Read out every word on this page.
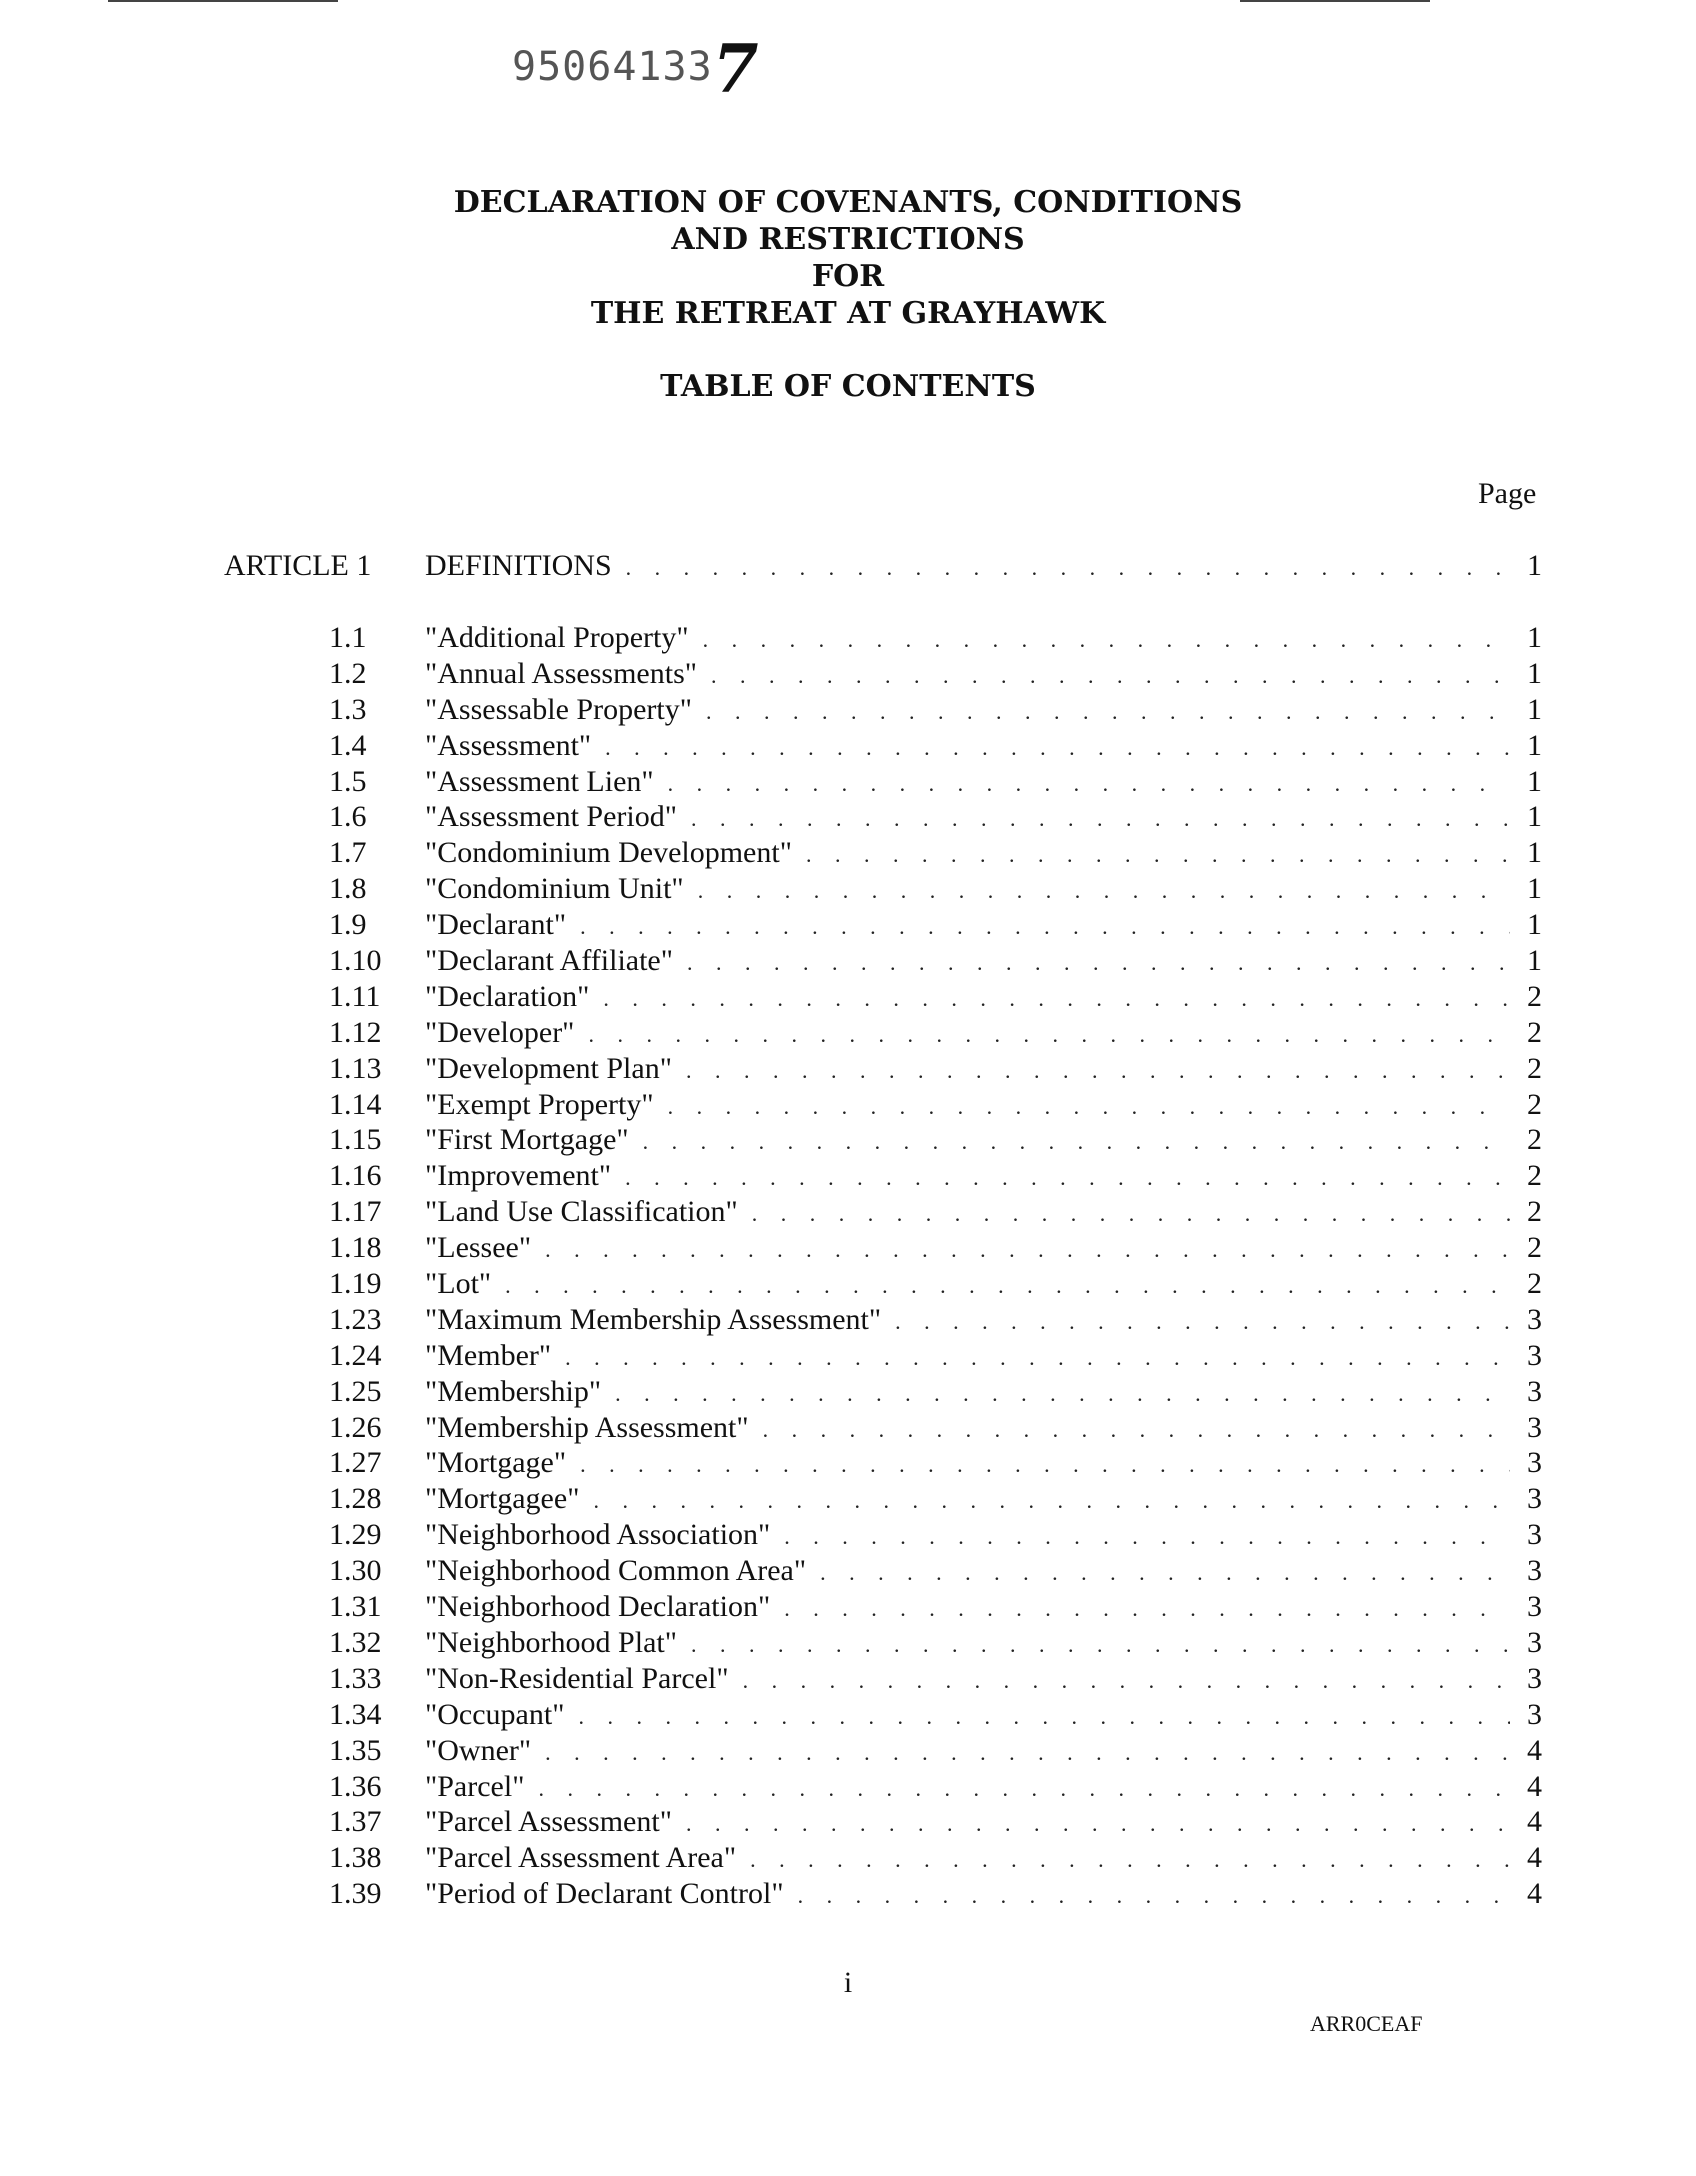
950641337
DECLARATION OF COVENANTS, CONDITIONS
AND RESTRICTIONS
FOR
THE RETREAT AT GRAYHAWK
TABLE OF CONTENTS
Page
ARTICLE 1 DEFINITIONS . . .	1
1.1 "Additional Property" . . .	1
1.2 "Annual Assessments" . . .	1
1.3 "Assessable Property" . . .	1
1.4 "Assessment" . . .	1
1.5 "Assessment Lien" . . .	1
1.6 "Assessment Period" . . .	1
1.7 "Condominium Development" . . .	1
1.8 "Condominium Unit" . . .	1
1.9 "Declarant" . . .	1
1.10 "Declarant Affiliate" . . .	1
1.11 "Declaration" . . .	2
1.12 "Developer" . . .	2
1.13 "Development Plan" . . .	2
1.14 "Exempt Property" . . .	2
1.15 "First Mortgage" . . .	2
1.16 "Improvement" . . .	2
1.17 "Land Use Classification" . . .	2
1.18 "Lessee" . . .	2
1.19 "Lot" . . .	2
1.23 "Maximum Membership Assessment" . . .	3
1.24 "Member" . . .	3
1.25 "Membership" . . .	3
1.26 "Membership Assessment" . . .	3
1.27 "Mortgage" . . .	3
1.28 "Mortgagee" . . .	3
1.29 "Neighborhood Association" . . .	3
1.30 "Neighborhood Common Area" . . .	3
1.31 "Neighborhood Declaration" . . .	3
1.32 "Neighborhood Plat" . . .	3
1.33 "Non-Residential Parcel" . . .	3
1.34 "Occupant" . . .	3
1.35 "Owner" . . .	4
1.36 "Parcel" . . .	4
1.37 "Parcel Assessment" . . .	4
1.38 "Parcel Assessment Area" . . .	4
1.39 "Period of Declarant Control" . . .	4
i
ARR0CEAF
